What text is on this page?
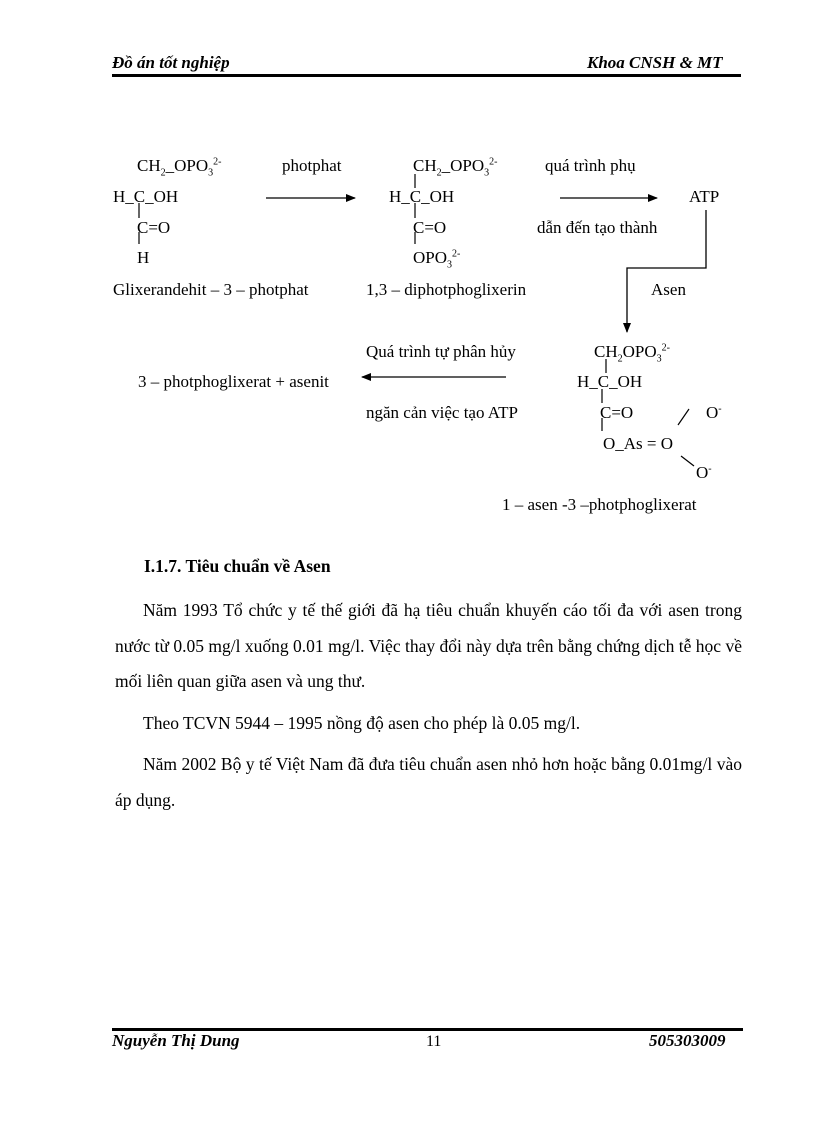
Đồ án tốt nghiệp	Khoa CNSH & MT
$CH_2\_OPO_3^{2-}$
H_C_OH
C=O
H
Glixerandehit – 3 – photphat
photphat	$CH_2\_OPO_3^{2-}$
H_C_OH
C=O
$OPO_3^{2-}$
1,3 – diphotphoglixerin
quá trình phụ
dẫn đến tạo thành
ATP
Asen
$CH_2OPO_3^{2-}$
H_C_OH
C=O
O_As = O
O-
O-
1 – asen -3 –photphoglixerat
Quá trình tự phân hủy
ngăn cản việc tạo ATP
3 – photphoglixerat + asenit
I.1.7. Tiêu chuẩn về Asen

Năm 1993 Tổ chức y tế thế giới đã hạ tiêu chuẩn khuyến cáo tối đa với asen trong nước từ 0.05 mg/l xuống 0.01 mg/l. Việc thay đổi này dựa trên bằng chứng dịch tễ học về mối liên quan giữa asen và ung thư.

Theo TCVN 5944 – 1995 nồng độ asen cho phép là 0.05 mg/l.

Năm 2002 Bộ y tế Việt Nam đã đưa tiêu chuẩn asen nhỏ hơn hoặc bằng 0.01mg/l vào áp dụng.

Nguyễn Thị Dung	11	505303009
